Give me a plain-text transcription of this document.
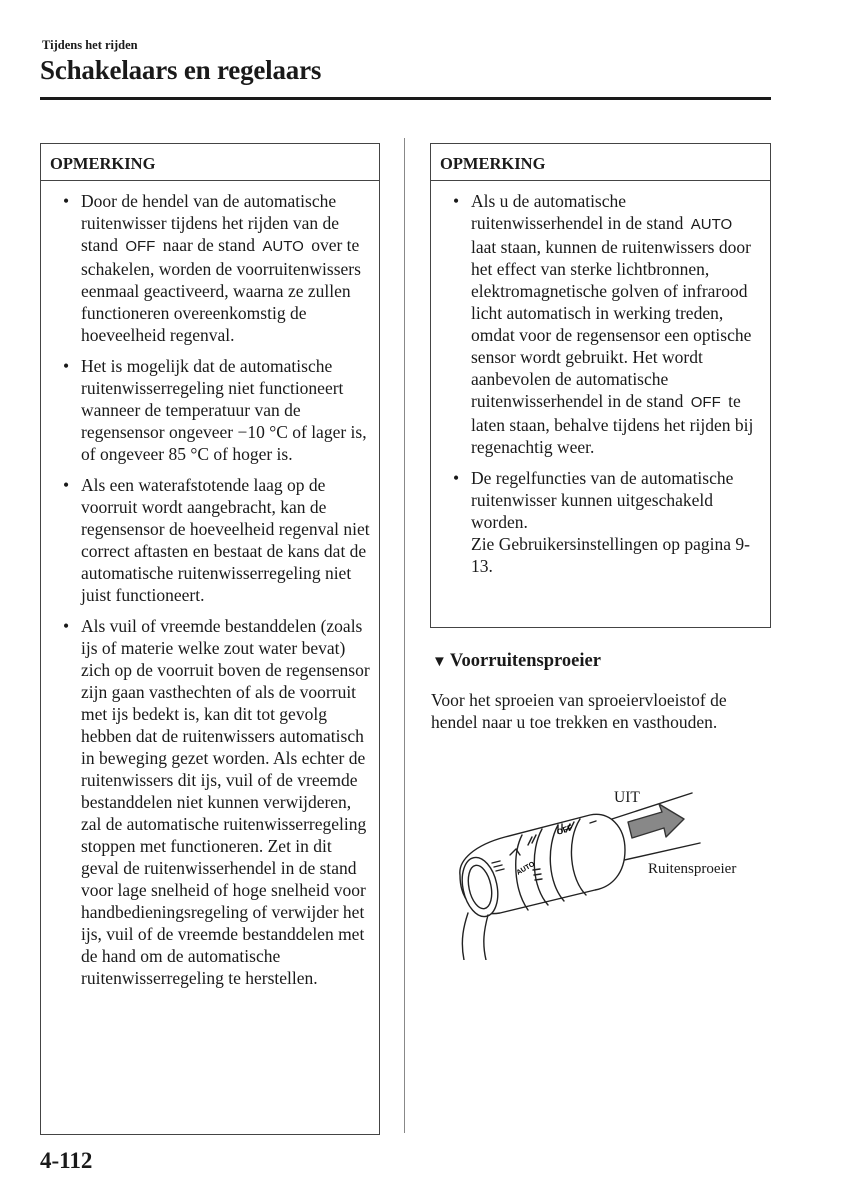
Tijdens het rijden
Schakelaars en regelaars
OPMERKING
• Door de hendel van de automatische ruitenwisser tijdens het rijden van de stand OFF naar de stand AUTO over te schakelen, worden de voorruitenwissers eenmaal geactiveerd, waarna ze zullen functioneren overeenkomstig de hoeveelheid regenval.
• Het is mogelijk dat de automatische ruitenwisserregeling niet functioneert wanneer de temperatuur van de regensensor ongeveer −10 °C of lager is, of ongeveer 85 °C of hoger is.
• Als een waterafstotende laag op de voorruit wordt aangebracht, kan de regensensor de hoeveelheid regenval niet correct aftasten en bestaat de kans dat de automatische ruitenwisserregeling niet juist functioneert.
• Als vuil of vreemde bestanddelen (zoals ijs of materie welke zout water bevat) zich op de voorruit boven de regensensor zijn gaan vasthechten of als de voorruit met ijs bedekt is, kan dit tot gevolg hebben dat de ruitenwissers automatisch in beweging gezet worden. Als echter de ruitenwissers dit ijs, vuil of de vreemde bestanddelen niet kunnen verwijderen, zal de automatische ruitenwisserregeling stoppen met functioneren. Zet in dit geval de ruitenwisserhendel in de stand voor lage snelheid of hoge snelheid voor handbedieningsregeling of verwijder het ijs, vuil of de vreemde bestanddelen met de hand om de automatische ruitenwisserregeling te herstellen.
OPMERKING
• Als u de automatische ruitenwisserhendel in de stand AUTO laat staan, kunnen de ruitenwissers door het effect van sterke lichtbronnen, elektromagnetische golven of infrarood licht automatisch in werking treden, omdat voor de regensensor een optische sensor wordt gebruikt. Het wordt aanbevolen de automatische ruitenwisserhendel in de stand OFF te laten staan, behalve tijdens het rijden bij regenachtig weer.
• De regelfuncties van de automatische ruitenwisser kunnen uitgeschakeld worden.
Zie Gebruikersinstellingen op pagina 9-13.
▼ Voorruitensproeier
Voor het sproeien van sproeiervloeistof de hendel naar u toe trekken en vasthouden.
OFF
AUTO
UIT
Ruitensproeier
4-112
